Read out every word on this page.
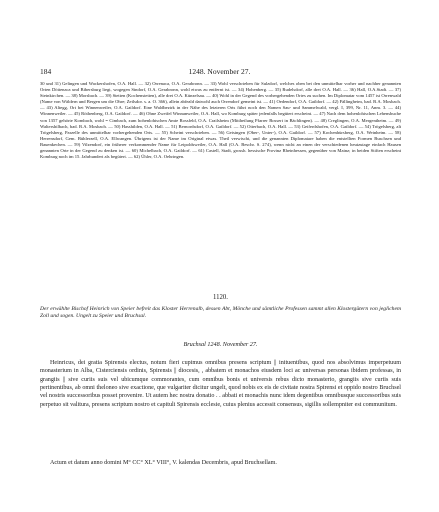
184	1248. November 27.

30 und 31) Gelingen und Wackershofen, O.A. Hall. — 32) Orrenaca, O.A. Gerabronn. — 33) Wohl verschrieben für Sulzdorf, welches oben bei den unmittelbar vorher und nachher genannten Orten Döttenaca und Bibersburg liegt, wogegen Sindorf, O.A. Gerabronn, wohl etwas zu entfernt ist. — 34) Hohenberg. — 35) Rudelsdorf, alle drei O.A. Hall. — 36) Hall, O.A.Stadt. — 37) Steinkirchen. — 38) Morsbach. — 39) Stetten (Kochenstetten), alle drei O.A. Künzelsau. — 40) Wohl in der Gegend des vorhergehenden Ortes zu suchen. Im Diplomatar vom 1457 ist Orrenwald (Name von Wäldern und Bergen um die Ohre; Zeilsdor. s. a. O. 366), allein abfeald datwohl auch Orrendorf gemeint ist. — 41) Oedendorf, O.A. Gaildorf. — 42) Fällingheim, bad. B.A. Mosbach. — 43) Altegg, Ort bei Winnenweiler, O.A. Gaildorf. Eine Waldbezirk in der Nähe des letzteren Orts führt noch den Namen Sau- und Sammelwald, vergl. I, 399, Nr. 11, Anm. 3. — 44) Winnenweiler. — 45) Röthenberg, O.A. Gaildorf. — 46) Ohne Zweifel Winnanweiler, O.A. Hall, wo Komburg später jedenfalls begütert erscheint. — 47) Nach dem hohenlohischen Lehensbuche von 1357 gehörte Kombach, wohl = Cimbach, zum hohenlohischen Amte Rossfeld, O.A. Crailsheim (Mittheilung Pfarrer Bossert in Bächlingen). — 48) Creglingen, O.A. Mergentheim. — 49) Waltershilbach, bad. B.A. Mosbach. — 50) Hasshilden, O.A. Hall. — 51) Bernordsdorf, O.A. Gaildorf. — 52) Otterbach, O.A. Hall. — 53) Geiferdshofen, O.A. Gaildorf. — 54) Trögelsberg, alt Trögelsberg, Parzelle des unmittelbar vorhergehenden Orts. — 55) Scheint verschrieben. — 56) Geisingen (Ober-, Unter-), O.A. Gaildorf. — 57) Kochenhürsberg, O.A. Weinheim. — 58) Herrensdorf, Gem. Bühlerzell, O.A. Ellwangen. Übrigens ist der Name im Original etwas. Theil verwischt, und die genannten Diplomatare haben die entstellten Formen Buschsen und Bauenkechen. — 59) Vilzendorf, ein früherer verkommender Name für Leipoldsweiler, O.A. Hall (O.A. Beschr. S. 274), wenn nicht an einen der verschiedenen heutzutage einfach Hausen genannten Orte in der Gegend zu denken ist. — 60) Michelbach, O.A. Gaildorf. — 61) Castell, Stadt, grossh. hessische Provinz Rheinhessen, gegenüber von Mainz; in beiden Stiften erscheint Komburg noch im 15. Jahrhundert als begütert. — 62) Ühler, O.A. Oehringen.

1120.

Der erwählte Bischof Heinrich von Speier befreit das Kloster Herrenalb, dessen Abt, Mönche und sämtliche Professen sammt allen Klostergütern von jeglichem Zoll und sogen. Ungelt zu Speier und Bruchsal.

Bruchsal 1248. November 27.

Heinricus, dei gratia Spirensis electus, notum fieri cupimus omnibus presens scriptum || inituentibus, quod nos absolvimus imperpetuum monasterium in Alba, Cisterciensis ordinis, Spirensis || diocesis, , abbatem et monachos eiusdem loci ac universas personas ibidem professas, in grangiis || sive curiis suis vel ubicumque commorantes, cum omnibus bonis et universis rebus dicto monasterio, grangiis sive curiis suis pertinentibus, ab omni theloneo sive exactione, que vulgariter dicitur ungelt, quod nobis ex eis de civitate nostra Spirensi et oppido nostro Bruchsel vel nostris successoribus posset provenire. Ut autem hec nostra donatio . . abbati et monachis nunc idem degentibus omnibusque successoribus suis perpetuo sit valitura, presens scriptum nostro et capituli Spirensis ecclesie, cuius plenius accessit consensus, sigillis sollempniter est communitum.

Actum et datum anno domini M° CC° XL° VIII°, V. kalendas Decembris, apud Bruchsellam.
